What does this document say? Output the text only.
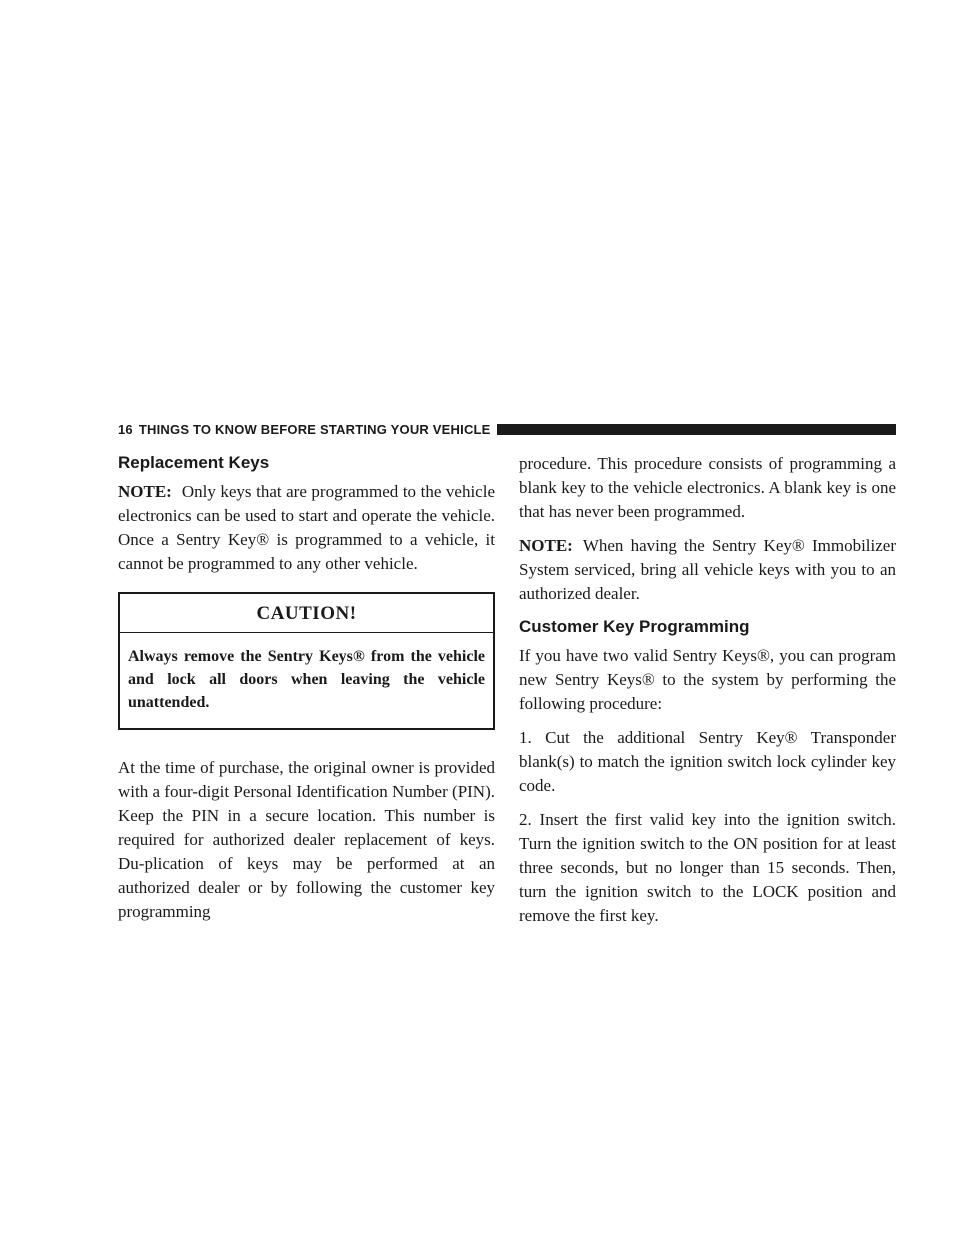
16 THINGS TO KNOW BEFORE STARTING YOUR VEHICLE
Replacement Keys

NOTE: Only keys that are programmed to the vehicle electronics can be used to start and operate the vehicle. Once a Sentry Key® is programmed to a vehicle, it cannot be programmed to any other vehicle.

CAUTION!
Always remove the Sentry Keys® from the vehicle and lock all doors when leaving the vehicle unattended.

At the time of purchase, the original owner is provided with a four-digit Personal Identification Number (PIN). Keep the PIN in a secure location. This number is required for authorized dealer replacement of keys. Du-plication of keys may be performed at an authorized dealer or by following the customer key programming

procedure. This procedure consists of programming a blank key to the vehicle electronics. A blank key is one that has never been programmed.

NOTE: When having the Sentry Key® Immobilizer System serviced, bring all vehicle keys with you to an authorized dealer.

Customer Key Programming

If you have two valid Sentry Keys®, you can program new Sentry Keys® to the system by performing the following procedure:

1. Cut the additional Sentry Key® Transponder blank(s) to match the ignition switch lock cylinder key code.

2. Insert the first valid key into the ignition switch. Turn the ignition switch to the ON position for at least three seconds, but no longer than 15 seconds. Then, turn the ignition switch to the LOCK position and remove the first key.
